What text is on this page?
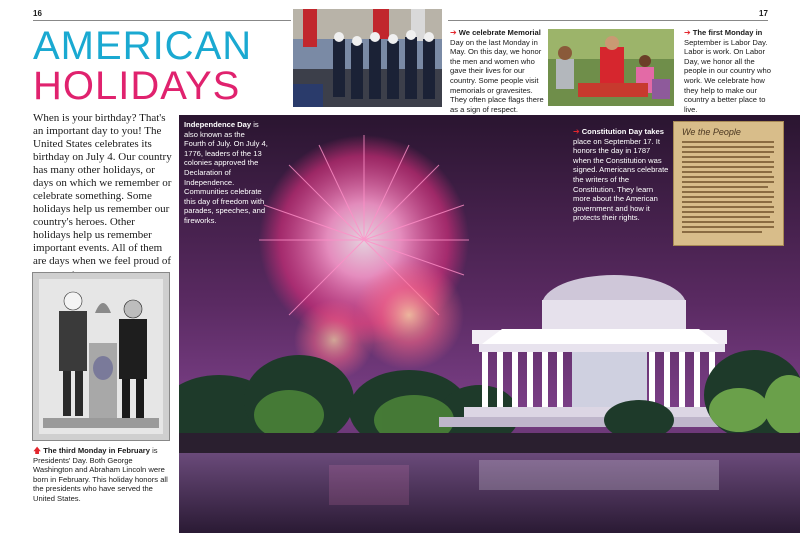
16	17
AMERICAN
HOLIDAYS

When is your birthday? That's an important day to you! The United States celebrates its birthday on July 4. Our country has many other holidays, or days on which we remember or celebrate something. Some holidays help us remember our country's heroes. Other holidays help us remember important events. All of them are days when we feel proud of

➔ We celebrate Memorial Day on the last Monday in May. On this day, we honor the men and women who gave their lives for our country. Some people visit memorials or gravesites. They often place flags there as a sign of respect.

➔ The first Monday in September is Labor Day. Labor is work. On Labor Day, we honor all the people in our country who work. We celebrate how they help to make our country a better place to live.

Independence Day is also known as the Fourth of July. On July 4, 1776, leaders of the 13 colonies approved the Declaration of Independence. Communities celebrate this day of freedom with parades, speeches, and fireworks.

➔ Constitution Day takes place on September 17. It honors the day in 1787 when the Constitution was signed. Americans celebrate the writers of the Constitution. They learn more about the American government and how it protects their rights.

We the People

🡅 The third Monday in February is Presidents' Day. Both George Washington and Abraham Lincoln were born in February. This holiday honors all the presidents who have served the United States.
